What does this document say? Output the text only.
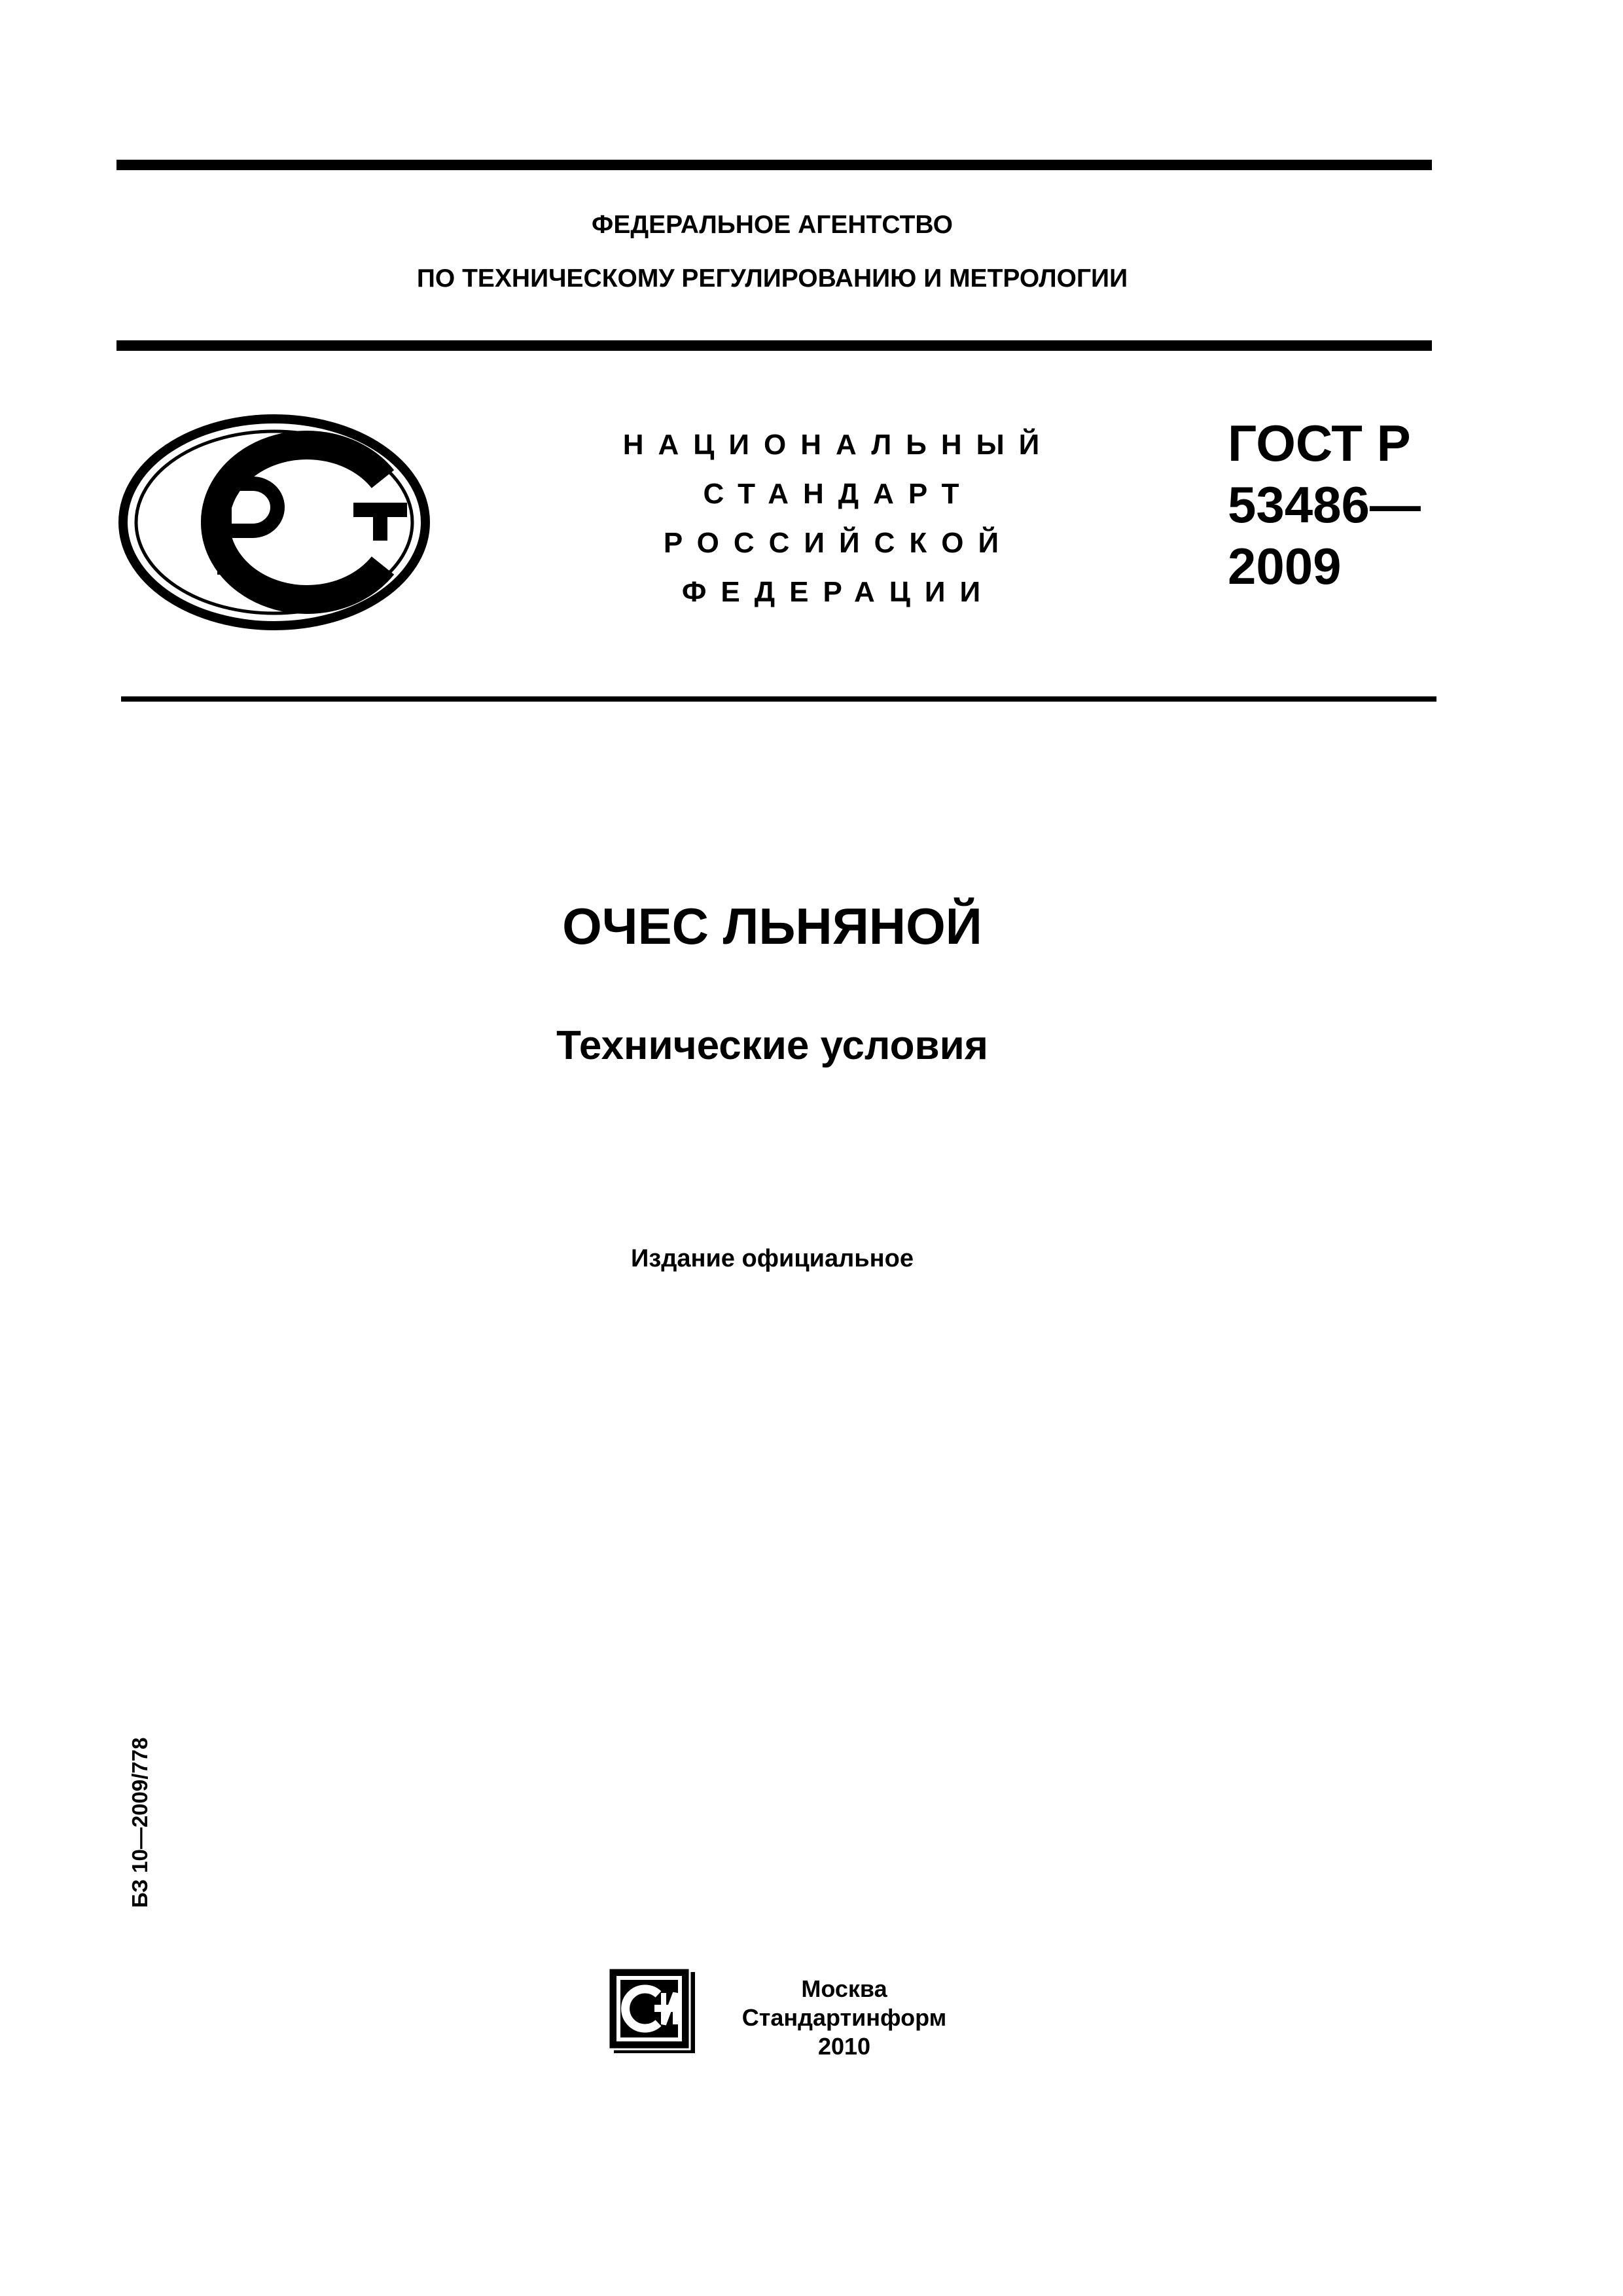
ФЕДЕРАЛЬНОЕ АГЕНТСТВО
ПО ТЕХНИЧЕСКОМУ РЕГУЛИРОВАНИЮ И МЕТРОЛОГИИ
НАЦИОНАЛЬНЫЙ
СТАНДАРТ
РОССИЙСКОЙ
ФЕДЕРАЦИИ
ГОСТ Р
53486—
2009
ОЧЕС ЛЬНЯНОЙ
Технические условия
Издание официальное
БЗ 10—2009/778
Москва
Стандартинформ
2010
